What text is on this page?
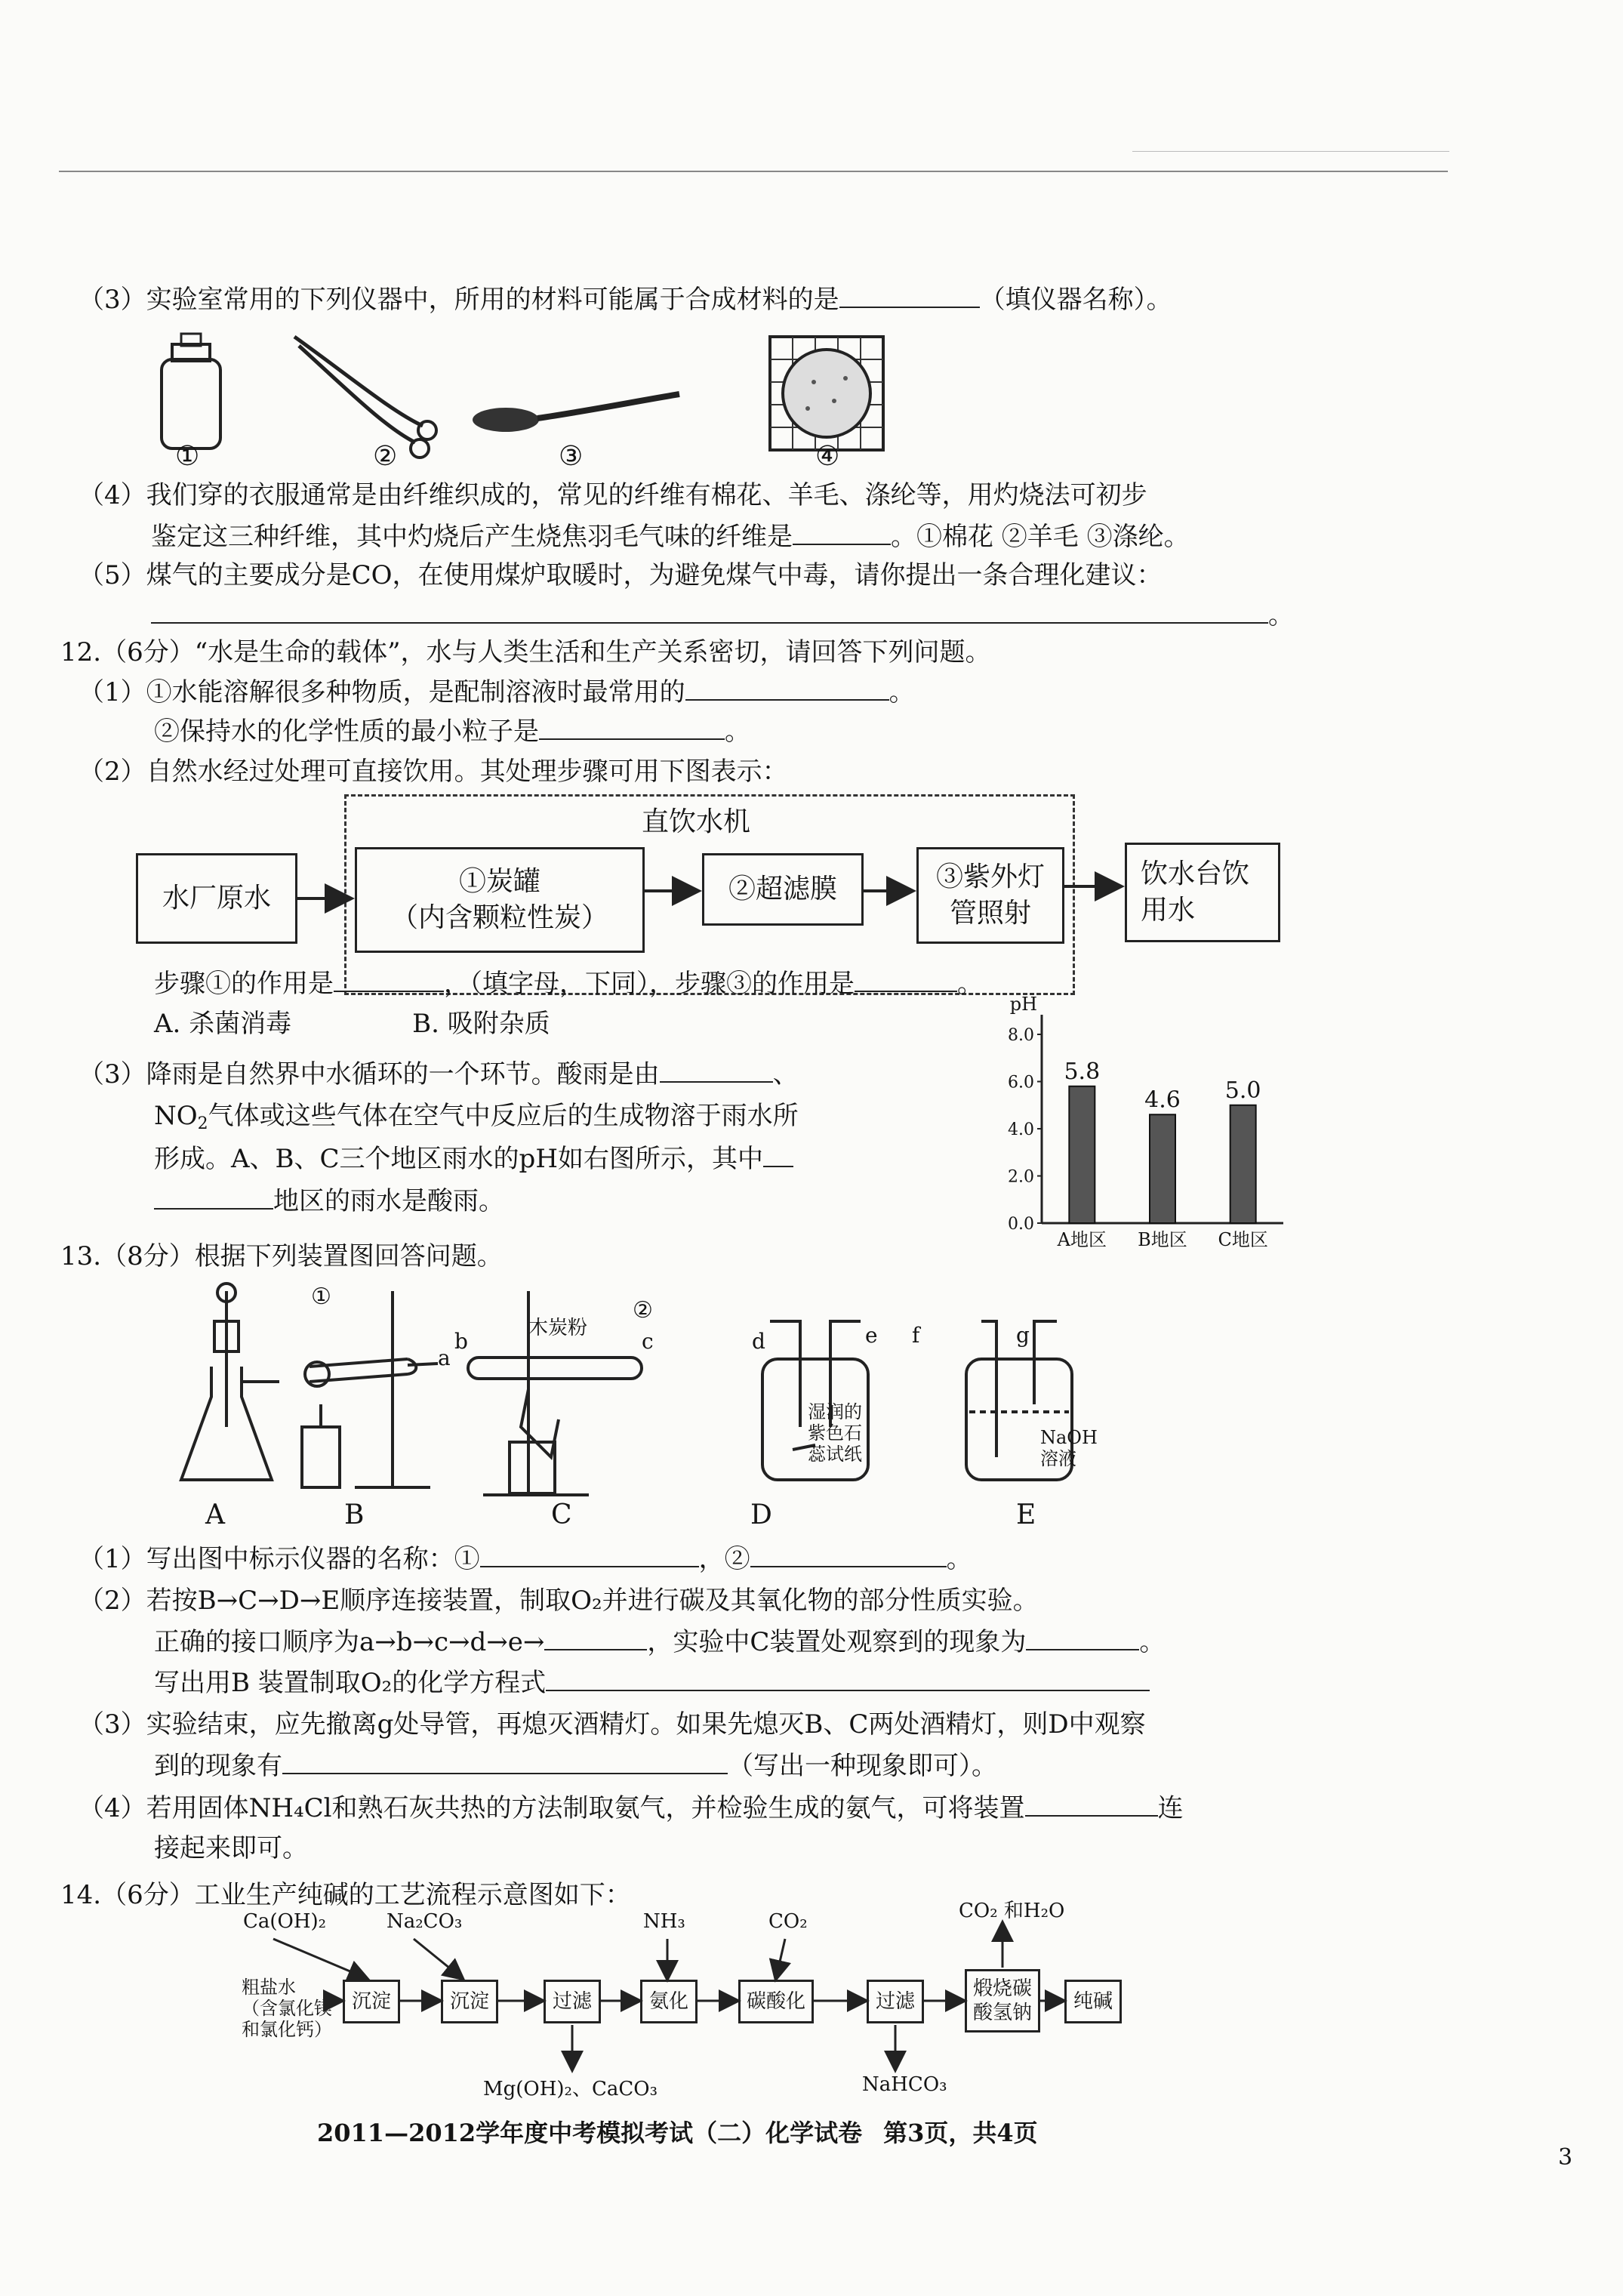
（3）实验室常用的下列仪器中，所用的材料可能属于合成材料的是	（填仪器名称）。
①	②	③	④
（4）我们穿的衣服通常是由纤维织成的，常见的纤维有棉花、羊毛、涤纶等，用灼烧法可初步
鉴定这三种纤维，其中灼烧后产生烧焦羽毛气味的纤维是	。①棉花 ②羊毛 ③涤纶。
（5）煤气的主要成分是CO，在使用煤炉取暖时，为避免煤气中毒，请你提出一条合理化建议：
。
12.（6分）“水是生命的载体”，水与人类生活和生产关系密切，请回答下列问题。
（1）①水能溶解很多种物质，是配制溶液时最常用的	。
②保持水的化学性质的最小粒子是	。
（2）自然水经过处理可直接饮用。其处理步骤可用下图表示：
直饮水机
水厂原水
①炭罐
（内含颗粒性炭）
②超滤膜	③紫外灯
管照射
饮水台饮
用水
步骤①的作用是	，（填字母，下同），步骤③的作用是	。
A. 杀菌消毒	B. 吸附杂质
（3）降雨是自然界中水循环的一个环节。酸雨是由	、
$NO_2$气体或这些气体在空气中反应后的生成物溶于雨水所
形成。A、B、C三个地区雨水的pH如右图所示，其中
地区的雨水是酸雨。
pH
0.0
2.0
4.0
6.0
8.0
5.8
A地区
4.6
B地区
5.0
C地区
13.（8分）根据下列装置图回答问题。
①
a
b	c
木炭粉
②
d	e f	g
湿润的
紫色石
蕊试纸
NaOH
溶液
A	B	C	D	E
（1）写出图中标示仪器的名称：①	，②	。
（2）若按B→C→D→E顺序连接装置，制取O₂并进行碳及其氧化物的部分性质实验。
正确的接口顺序为a→b→c→d→e→	，实验中C装置处观察到的现象为	。
写出用B 装置制取O₂的化学方程式
（3）实验结束，应先撤离g处导管，再熄灭酒精灯。如果先熄灭B、C两处酒精灯，则D中观察
到的现象有	（写出一种现象即可）。
（4）若用固体NH₄Cl和熟石灰共热的方法制取氨气，并检验生成的氨气，可将装置	连
接起来即可。
14.（6分）工业生产纯碱的工艺流程示意图如下：
Ca(OH)₂	Na₂CO₃	NH₃	CO₂	CO₂ 和H₂O
粗盐水
（含氯化镁
和氯化钙）
沉淀	沉淀	过滤	氨化	碳酸化	过滤
煅烧碳
酸氢钠 纯碱
Mg(OH)₂、CaCO₃	NaHCO₃
2011—2012学年度中考模拟考试（二）化学试卷 第3页，共4页
3
